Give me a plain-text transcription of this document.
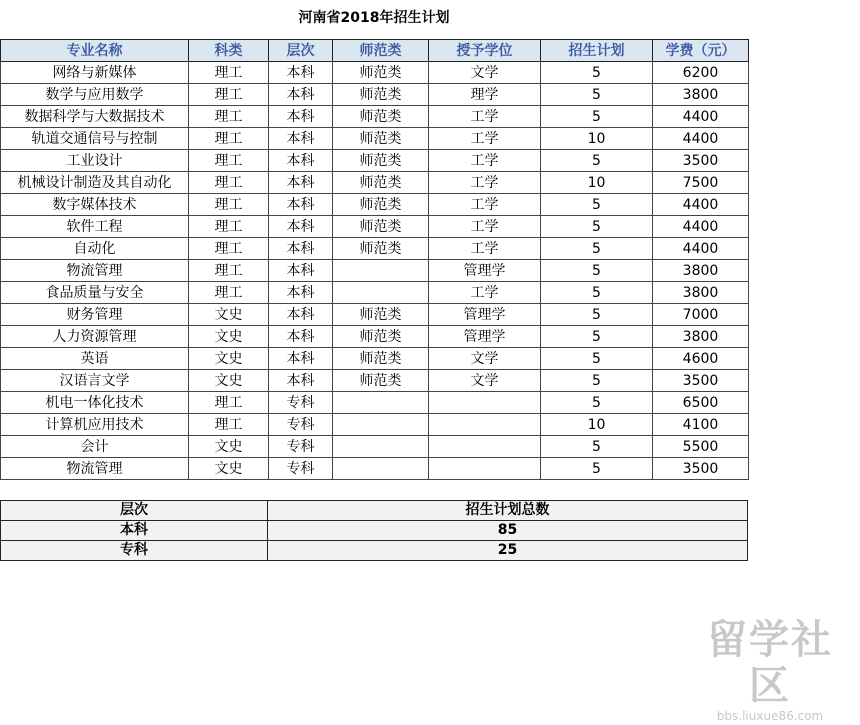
河南省2018年招生计划
专业名称	科类	层次	师范类	授予学位	招生计划	学费（元）
网络与新媒体	理工	本科	师范类	文学	5	6200
数学与应用数学	理工	本科	师范类	理学	5	3800
数据科学与大数据技术	理工	本科	师范类	工学	5	4400
轨道交通信号与控制	理工	本科	师范类	工学	10	4400
工业设计	理工	本科	师范类	工学	5	3500
机械设计制造及其自动化	理工	本科	师范类	工学	10	7500
数字媒体技术	理工	本科	师范类	工学	5	4400
软件工程	理工	本科	师范类	工学	5	4400
自动化	理工	本科	师范类	工学	5	4400
物流管理	理工	本科		管理学	5	3800
食品质量与安全	理工	本科		工学	5	3800
财务管理	文史	本科	师范类	管理学	5	7000
人力资源管理	文史	本科	师范类	管理学	5	3800
英语	文史	本科	师范类	文学	5	4600
汉语言文学	文史	本科	师范类	文学	5	3500
机电一体化技术	理工	专科			5	6500
计算机应用技术	理工	专科			10	4100
会计	文史	专科			5	5500
物流管理	文史	专科			5	3500
层次	招生计划总数
本科	85
专科	25
留学社区
bbs.liuxue86.com
